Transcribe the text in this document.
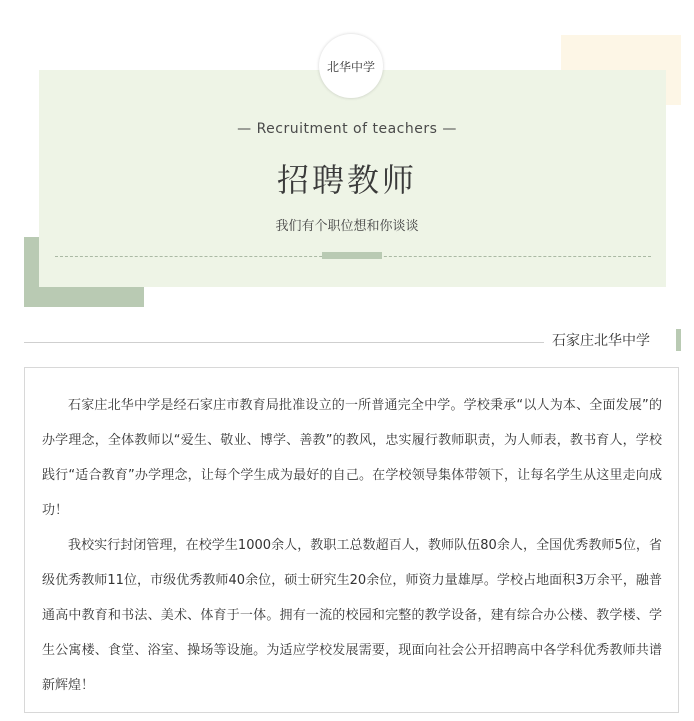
北华中学
— Recruitment of teachers —
招聘教师
我们有个职位想和你谈谈
石家庄北华中学

石家庄北华中学是经石家庄市教育局批准设立的一所普通完全中学。学校秉承“以人为本、全面发展”的办学理念，全体教师以“爱生、敬业、博学、善教”的教风，忠实履行教师职责，为人师表，教书育人，学校践行“适合教育”办学理念，让每个学生成为最好的自己。在学校领导集体带领下，让每名学生从这里走向成功！

我校实行封闭管理，在校学生1000余人，教职工总数超百人，教师队伍80余人，全国优秀教师5位，省级优秀教师11位，市级优秀教师40余位，硕士研究生20余位，师资力量雄厚。学校占地面积3万余平，融普通高中教育和书法、美术、体育于一体。拥有一流的校园和完整的教学设备，建有综合办公楼、教学楼、学生公寓楼、食堂、浴室、操场等设施。为适应学校发展需要，现面向社会公开招聘高中各学科优秀教师共谱新辉煌！
